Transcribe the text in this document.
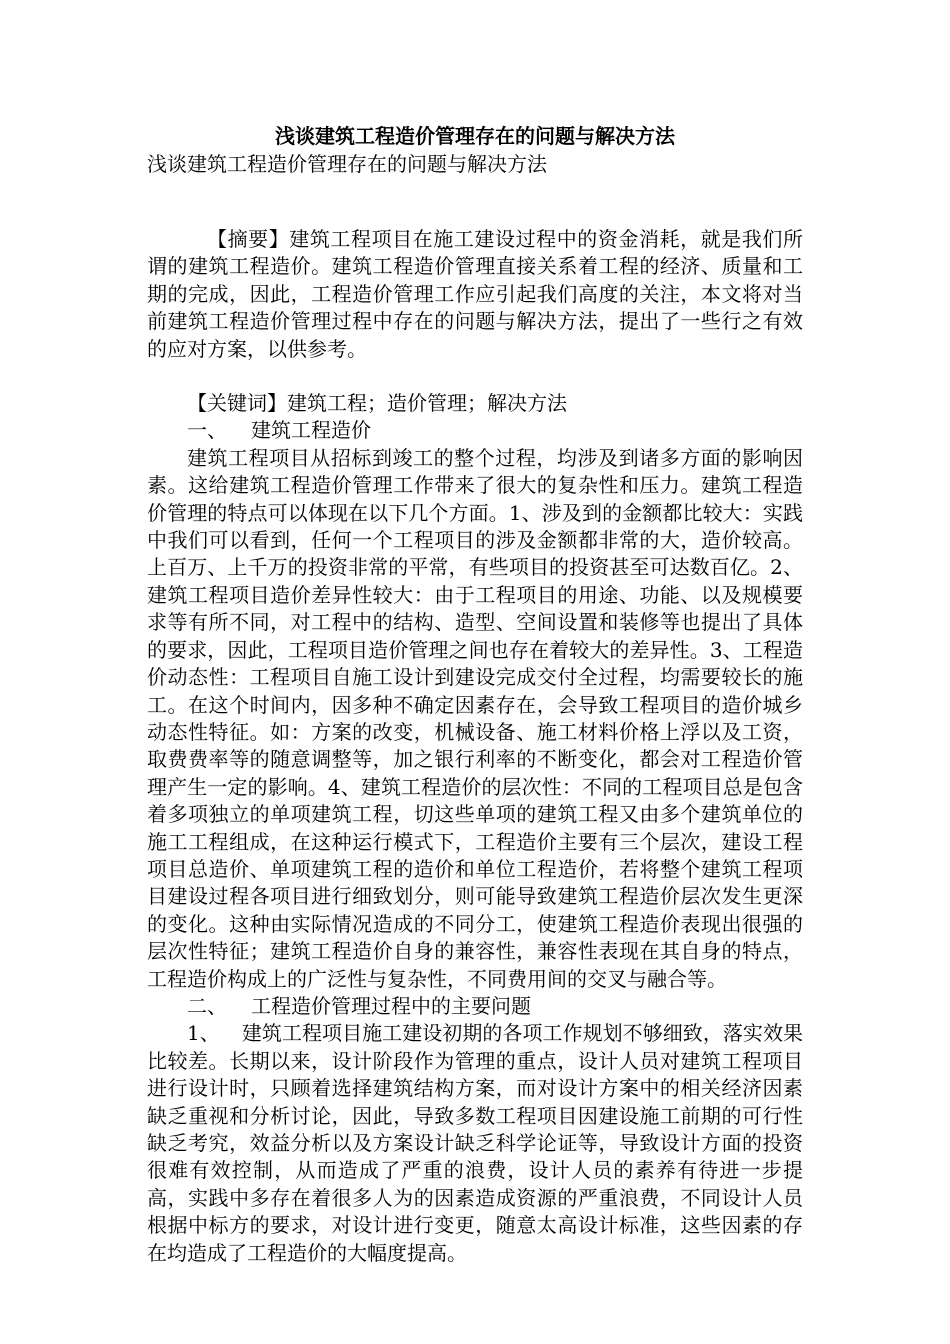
浅谈建筑工程造价管理存在的问题与解决方法

浅谈建筑工程造价管理存在的问题与解决方法

【摘要】建筑工程项目在施工建设过程中的资金消耗，就是我们所谓的建筑工程造价。建筑工程造价管理直接关系着工程的经济、质量和工期的完成，因此，工程造价管理工作应引起我们高度的关注，本文将对当前建筑工程造价管理过程中存在的问题与解决方法，提出了一些行之有效的应对方案，以供参考。

【关键词】建筑工程；造价管理；解决方法

一、 建筑工程造价

建筑工程项目从招标到竣工的整个过程，均涉及到诸多方面的影响因素。这给建筑工程造价管理工作带来了很大的复杂性和压力。建筑工程造价管理的特点可以体现在以下几个方面。1、涉及到的金额都比较大：实践中我们可以看到，任何一个工程项目的涉及金额都非常的大，造价较高。上百万、上千万的投资非常的平常，有些项目的投资甚至可达数百亿。2、建筑工程项目造价差异性较大：由于工程项目的用途、功能、以及规模要求等有所不同，对工程中的结构、造型、空间设置和装修等也提出了具体的要求，因此，工程项目造价管理之间也存在着较大的差异性。3、工程造价动态性：工程项目自施工设计到建设完成交付全过程，均需要较长的施工。在这个时间内，因多种不确定因素存在，会导致工程项目的造价城乡动态性特征。如：方案的改变，机械设备、施工材料价格上浮以及工资，取费费率等的随意调整等，加之银行利率的不断变化，都会对工程造价管理产生一定的影响。4、建筑工程造价的层次性：不同的工程项目总是包含着多项独立的单项建筑工程，切这些单项的建筑工程又由多个建筑单位的施工工程组成，在这种运行模式下，工程造价主要有三个层次，建设工程项目总造价、单项建筑工程的造价和单位工程造价，若将整个建筑工程项目建设过程各项目进行细致划分，则可能导致建筑工程造价层次发生更深的变化。这种由实际情况造成的不同分工，使建筑工程造价表现出很强的层次性特征；建筑工程造价自身的兼容性，兼容性表现在其自身的特点，工程造价构成上的广泛性与复杂性，不同费用间的交叉与融合等。

二、 工程造价管理过程中的主要问题

1、 建筑工程项目施工建设初期的各项工作规划不够细致，落实效果比较差。长期以来，设计阶段作为管理的重点，设计人员对建筑工程项目进行设计时，只顾着选择建筑结构方案，而对设计方案中的相关经济因素缺乏重视和分析讨论，因此，导致多数工程项目因建设施工前期的可行性缺乏考究，效益分析以及方案设计缺乏科学论证等，导致设计方面的投资很难有效控制，从而造成了严重的浪费，设计人员的素养有待进一步提高，实践中多存在着很多人为的因素造成资源的严重浪费，不同设计人员根据中标方的要求，对设计进行变更，随意太高设计标准，这些因素的存在均造成了工程造价的大幅度提高。
